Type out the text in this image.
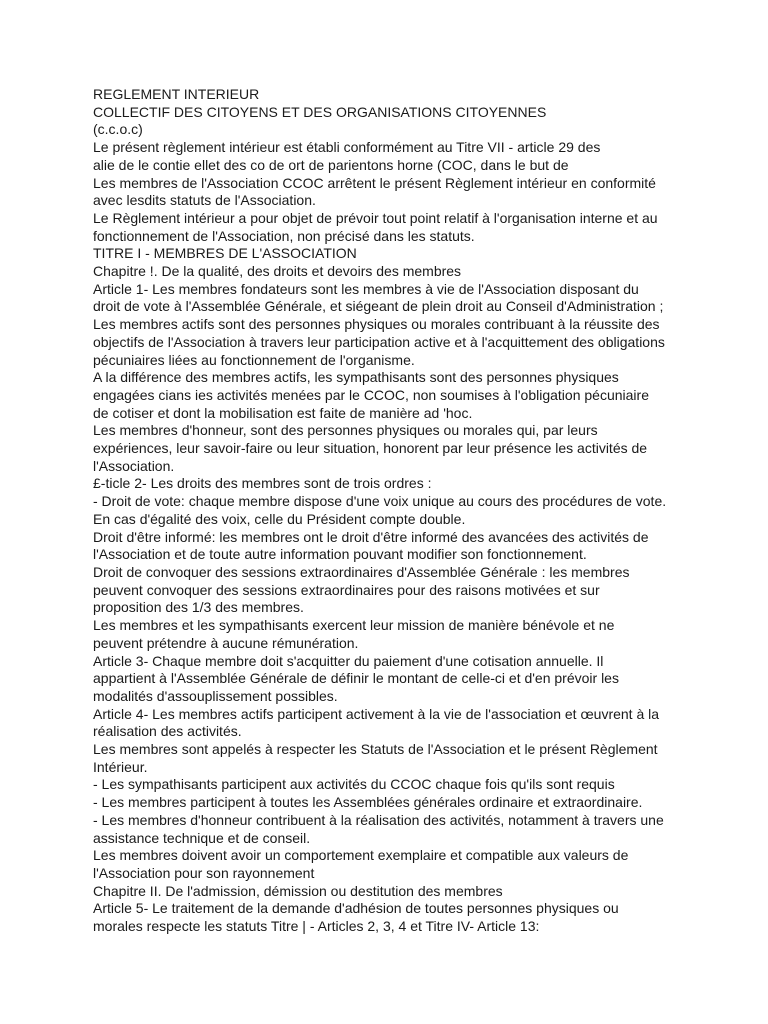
REGLEMENT INTERIEUR
COLLECTIF DES CITOYENS ET DES ORGANISATIONS CITOYENNES
(c.c.o.c)
Le présent règlement intérieur est établi conformément au Titre VII - article 29 des
alie de le contie ellet des co de ort de parientons horne (COC, dans le but de
Les membres de l'Association CCOC arrêtent le présent Règlement intérieur en conformité
avec lesdits statuts de l'Association.
Le Règlement intérieur a pour objet de prévoir tout point relatif à l'organisation interne et au
fonctionnement de l'Association, non précisé dans les statuts.
TITRE I - MEMBRES DE L'ASSOCIATION
Chapitre !. De la qualité, des droits et devoirs des membres
Article 1- Les membres fondateurs sont les membres à vie de l'Association disposant du
droit de vote à l'Assemblée Générale, et siégeant de plein droit au Conseil d'Administration ;
Les membres actifs sont des personnes physiques ou morales contribuant à la réussite des
objectifs de l'Association à travers leur participation active et à l'acquittement des obligations
pécuniaires liées au fonctionnement de l'organisme.
A la différence des membres actifs, les sympathisants sont des personnes physiques
engagées cians ies activités menées par le CCOC, non soumises à l'obligation pécuniaire
de cotiser et dont la mobilisation est faite de manière ad 'hoc.
Les membres d'honneur, sont des personnes physiques ou morales qui, par leurs
expériences, leur savoir-faire ou leur situation, honorent par leur présence les activités de
l'Association.
£-ticle 2- Les droits des membres sont de trois ordres :
- Droit de vote: chaque membre dispose d'une voix unique au cours des procédures de vote.
En cas d'égalité des voix, celle du Président compte double.
Droit d'être informé: les membres ont le droit d'être informé des avancées des activités de
l'Association et de toute autre information pouvant modifier son fonctionnement.
Droit de convoquer des sessions extraordinaires d'Assemblée Générale : les membres
peuvent convoquer des sessions extraordinaires pour des raisons motivées et sur
proposition des 1/3 des membres.
Les membres et les sympathisants exercent leur mission de manière bénévole et ne
peuvent prétendre à aucune rémunération.
Article 3- Chaque membre doit s'acquitter du paiement d'une cotisation annuelle. Il
appartient à l'Assemblée Générale de définir le montant de celle-ci et d'en prévoir les
modalités d'assouplissement possibles.
Article 4- Les membres actifs participent activement à la vie de l'association et œuvrent à la
réalisation des activités.
Les membres sont appelés à respecter les Statuts de l'Association et le présent Règlement
Intérieur.
- Les sympathisants participent aux activités du CCOC chaque fois qu'ils sont requis
- Les membres participent à toutes les Assemblées générales ordinaire et extraordinaire.
- Les membres d'honneur contribuent à la réalisation des activités, notamment à travers une
assistance technique et de conseil.
Les membres doivent avoir un comportement exemplaire et compatible aux valeurs de
l'Association pour son rayonnement
Chapitre II. De l'admission, démission ou destitution des membres
Article 5- Le traitement de la demande d'adhésion de toutes personnes physiques ou
morales respecte les statuts Titre | - Articles 2, 3, 4 et Titre IV- Article 13:
